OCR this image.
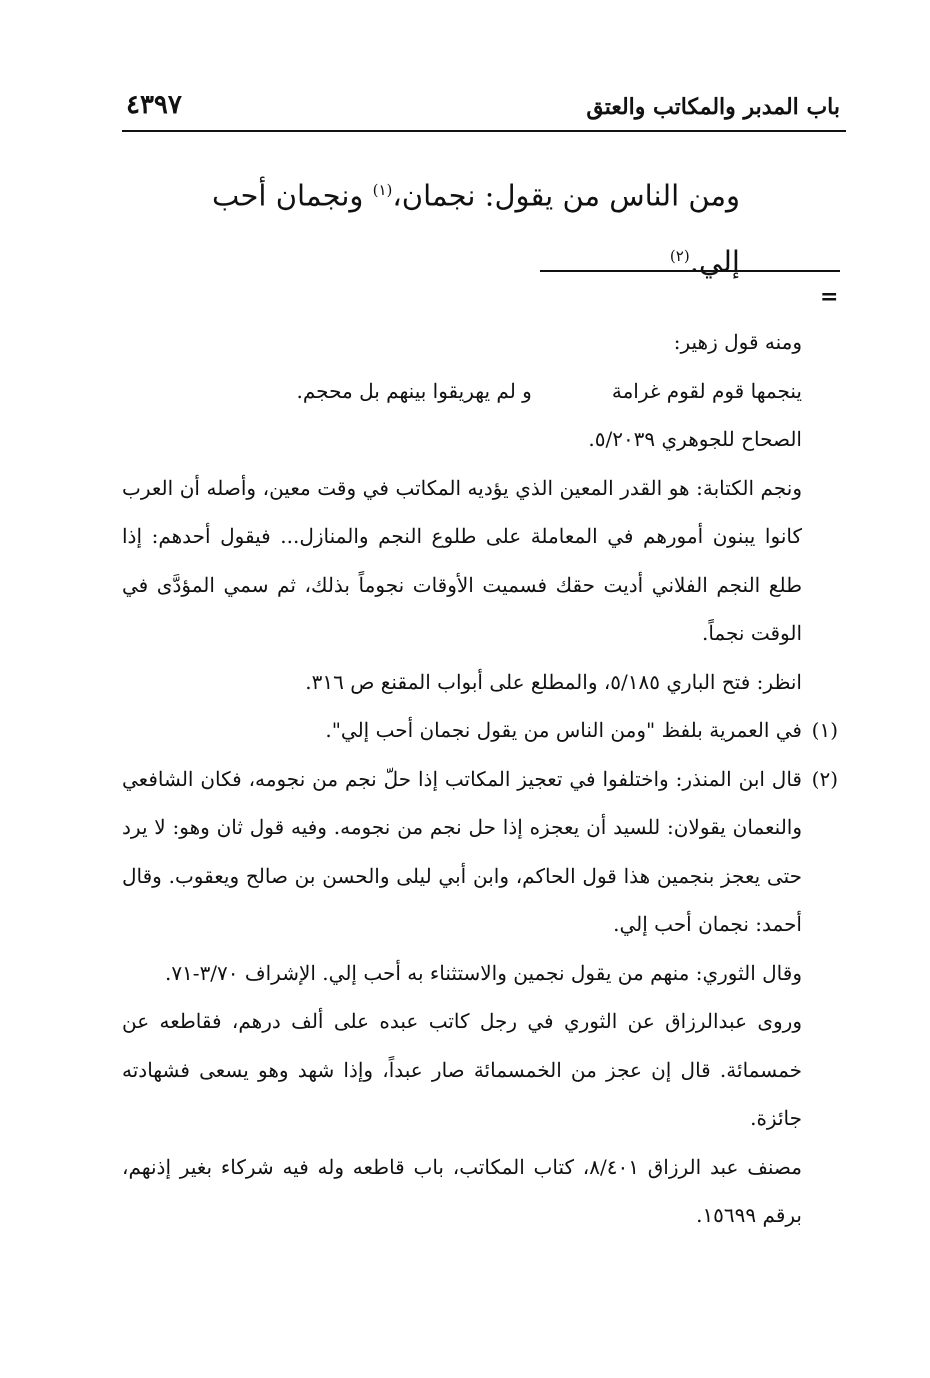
٤٣٩٧	باب المدبر والمكاتب والعتق
ومن الناس من يقول: نجمان،$^{(١)}$ ونجمان أحب إلي.$^{(٢)}$
=

ومنه قول زهير:

ينجمها قوم لقوم غرامة
و لم يهريقوا بينهم بل محجم.

الصحاح للجوهري ٥/٢٠٣٩.

ونجم الكتابة: هو القدر المعين الذي يؤديه المكاتب في وقت معين، وأصله أن العرب كانوا يبنون أمورهم في المعاملة على طلوع النجم والمنازل... فيقول أحدهم: إذا طلع النجم الفلاني أديت حقك فسميت الأوقات نجوماً بذلك، ثم سمي المؤدَّى في الوقت نجماً.

انظر: فتح الباري ٥/١٨٥، والمطلع على أبواب المقنع ص ٣١٦.

(١)
في العمرية بلفظ "ومن الناس من يقول نجمان أحب إلي".
(٢)
قال ابن المنذر: واختلفوا في تعجيز المكاتب إذا حلّ نجم من نجومه، فكان الشافعي والنعمان يقولان: للسيد أن يعجزه إذا حل نجم من نجومه. وفيه قول ثان وهو: لا يرد حتى يعجز بنجمين هذا قول الحاكم، وابن أبي ليلى والحسن بن صالح ويعقوب. وقال أحمد: نجمان أحب إلي.

وقال الثوري: منهم من يقول نجمين والاستثناء به أحب إلي. الإشراف ٣/٧٠-٧١.

وروى عبدالرزاق عن الثوري في رجل كاتب عبده على ألف درهم، فقاطعه عن خمسمائة. قال إن عجز من الخمسمائة صار عبداً، وإذا شهد وهو يسعى فشهادته جائزة.

مصنف عبد الرزاق ٨/٤٠١، كتاب المكاتب، باب قاطعه وله فيه شركاء بغير إذنهم، برقم ١٥٦٩٩.
